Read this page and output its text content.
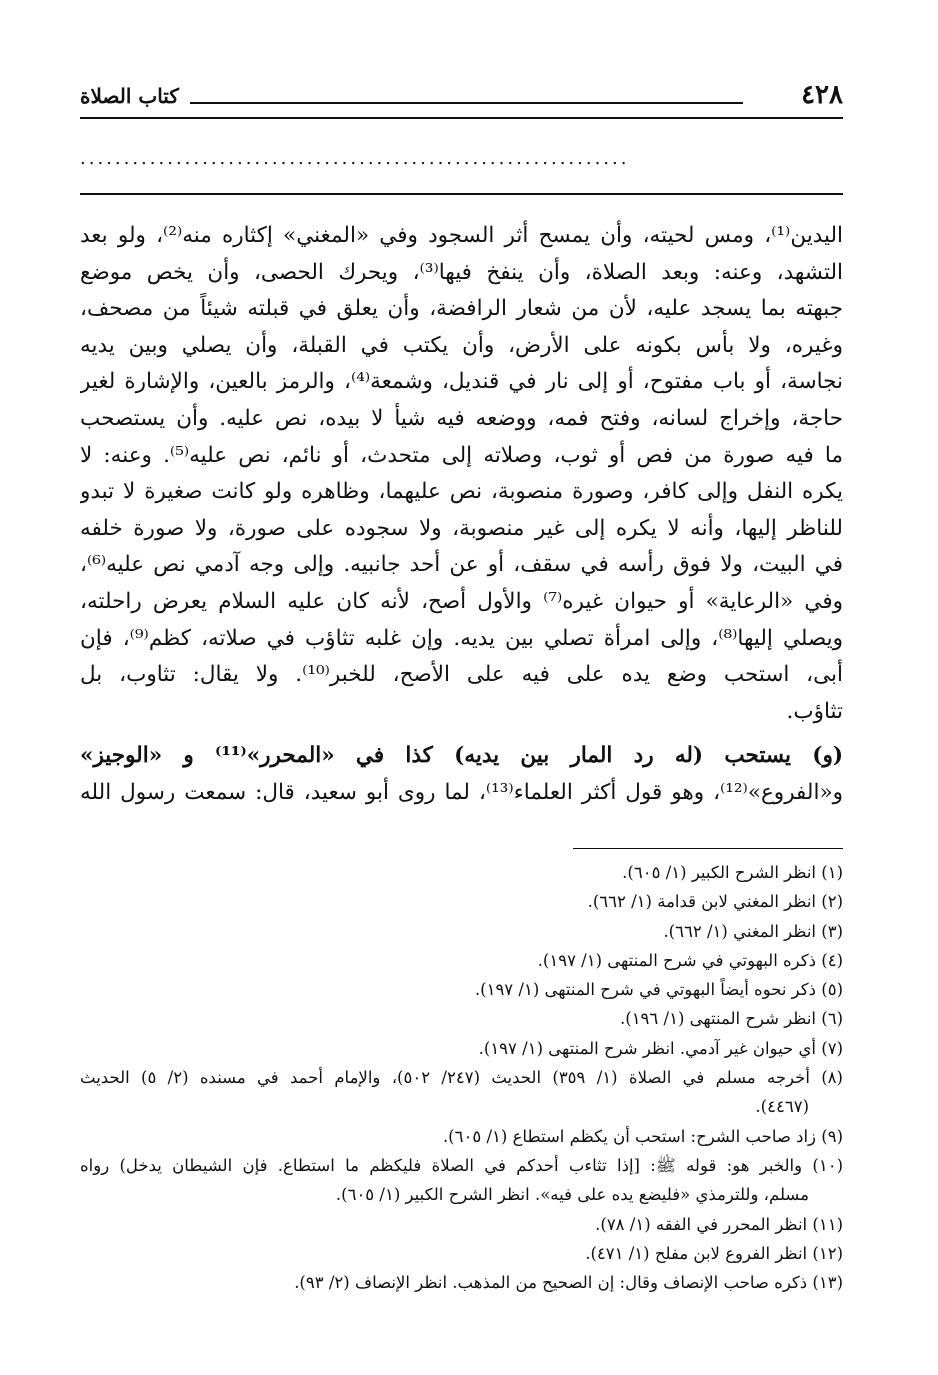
٤٢٨
كتاب الصلاة
...............................................................
اليدين⁽¹⁾، ومس لحيته، وأن يمسح أثر السجود وفي «المغني» إكثاره منه⁽²⁾، ولو بعد
التشهد، وعنه: وبعد الصلاة، وأن ينفخ فيها⁽³⁾، ويحرك الحصى، وأن يخص موضع
جبهته بما يسجد عليه، لأن من شعار الرافضة، وأن يعلق في قبلته شيئاً من مصحف،
وغيره، ولا بأس بكونه على الأرض، وأن يكتب في القبلة، وأن يصلي وبين يديه
نجاسة، أو باب مفتوح، أو إلى نار في قنديل، وشمعة⁽⁴⁾، والرمز بالعين، والإشارة لغير
حاجة، وإخراج لسانه، وفتح فمه، ووضعه فيه شيأ لا بيده، نص عليه. وأن يستصحب
ما فيه صورة من فص أو ثوب، وصلاته إلى متحدث، أو نائم، نص عليه⁽⁵⁾. وعنه: لا
يكره النفل وإلى كافر، وصورة منصوبة، نص عليهما، وظاهره ولو كانت صغيرة لا تبدو
للناظر إليها، وأنه لا يكره إلى غير منصوبة، ولا سجوده على صورة، ولا صورة خلفه
في البيت، ولا فوق رأسه في سقف، أو عن أحد جانبيه. وإلى وجه آدمي نص عليه⁽⁶⁾،
وفي «الرعاية» أو حيوان غيره⁽⁷⁾ والأول أصح، لأنه كان عليه السلام يعرض راحلته،
ويصلي إليها⁽⁸⁾، وإلى امرأة تصلي بين يديه. وإن غلبه تثاؤب في صلاته، كظم⁽⁹⁾، فإن
أبى، استحب وضع يده على فيه على الأصح، للخبر⁽¹⁰⁾. ولا يقال: تثاوب، بل
تثاؤب.
(و) يستحب (له رد المار بين يديه) كذا في «المحرر»⁽¹¹⁾ و «الوجيز»
و«الفروع»⁽¹²⁾، وهو قول أكثر العلماء⁽¹³⁾، لما روى أبو سعيد، قال: سمعت رسول الله
(١) انظر الشرح الكبير (١/ ٦٠٥).
(٢) انظر المغني لابن قدامة (١/ ٦٦٢).
(٣) انظر المغني (١/ ٦٦٢).
(٤) ذكره البهوتي في شرح المنتهى (١/ ١٩٧).
(٥) ذكر نحوه أيضاً البهوتي في شرح المنتهى (١/ ١٩٧).
(٦) انظر شرح المنتهى (١/ ١٩٦).
(٧) أي حيوان غير آدمي. انظر شرح المنتهى (١/ ١٩٧).
(٨) أخرجه مسلم في الصلاة (١/ ٣٥٩) الحديث (٢٤٧/ ٥٠٢)، والإمام أحمد في مسنده (٢/ ٥) الحديث
(٤٤٦٧).
(٩) زاد صاحب الشرح: استحب أن يكظم استطاع (١/ ٦٠٥).
(١٠) والخبر هو: قوله ﷺ: [إذا تثاءب أحدكم في الصلاة فليكظم ما استطاع. فإن الشيطان يدخل) رواه
مسلم، وللترمذي «فليضع يده على فيه». انظر الشرح الكبير (١/ ٦٠٥).
(١١) انظر المحرر في الفقه (١/ ٧٨).
(١٢) انظر الفروع لابن مفلح (١/ ٤٧١).
(١٣) ذكره صاحب الإنصاف وقال: إن الصحيح من المذهب. انظر الإنصاف (٢/ ٩٣).
